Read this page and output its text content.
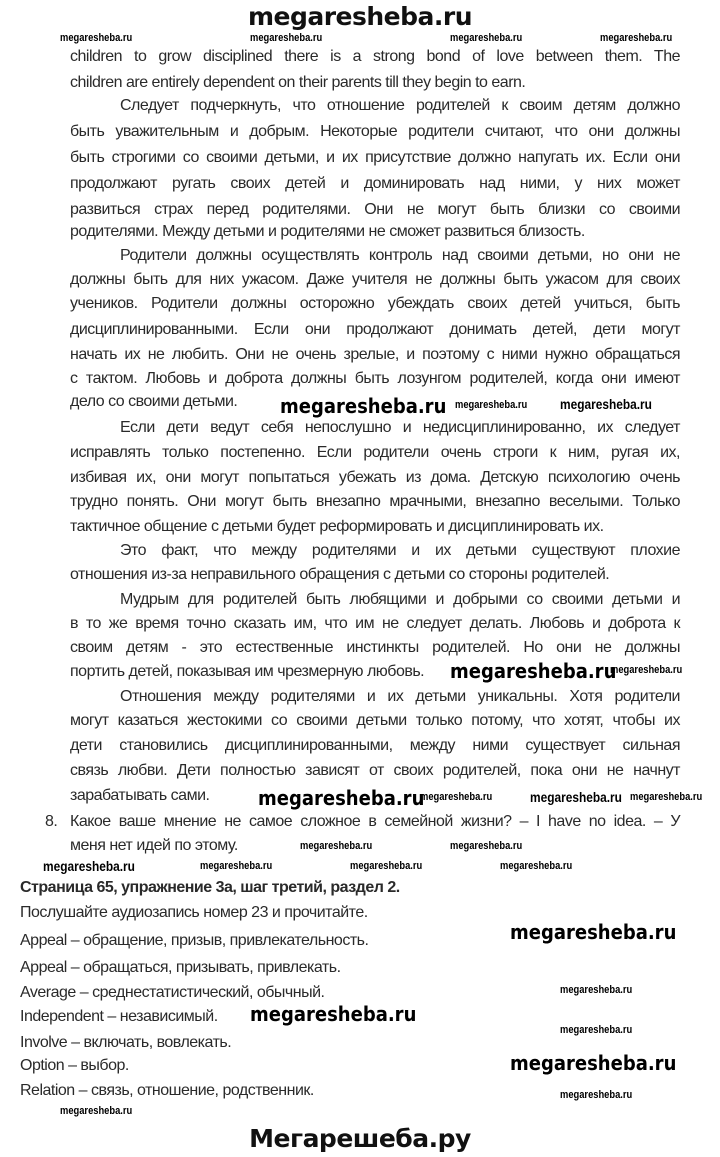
megaresheba.ru
children to grow disciplined there is a strong bond of love between them. The
children are entirely dependent on their parents till they begin to earn.
Следует подчеркнуть, что отношение родителей к своим детям должно
быть уважительным и добрым. Некоторые родители считают, что они должны
быть строгими со своими детьми, и их присутствие должно напугать их. Если они
продолжают ругать своих детей и доминировать над ними, у них может
развиться страх перед родителями. Они не могут быть близки со своими
родителями. Между детьми и родителями не сможет развиться близость.
Родители должны осуществлять контроль над своими детьми, но они не
должны быть для них ужасом. Даже учителя не должны быть ужасом для своих
учеников. Родители должны осторожно убеждать своих детей учиться, быть
дисциплинированными. Если они продолжают донимать детей, дети могут
начать их не любить. Они не очень зрелые, и поэтому с ними нужно обращаться
с тактом. Любовь и доброта должны быть лозунгом родителей, когда они имеют
дело со своими детьми.
Если дети ведут себя непослушно и недисциплинированно, их следует
исправлять только постепенно. Если родители очень строги к ним, ругая их,
избивая их, они могут попытаться убежать из дома. Детскую психологию очень
трудно понять. Они могут быть внезапно мрачными, внезапно веселыми. Только
тактичное общение с детьми будет реформировать и дисциплинировать их.
Это факт, что между родителями и их детьми существуют плохие
отношения из-за неправильного обращения с детьми со стороны родителей.
Мудрым для родителей быть любящими и добрыми со своими детьми и
в то же время точно сказать им, что им не следует делать. Любовь и доброта к
своим детям - это естественные инстинкты родителей. Но они не должны
портить детей, показывая им чрезмерную любовь.
Отношения между родителями и их детьми уникальны. Хотя родители
могут казаться жестокими со своими детьми только потому, что хотят, чтобы их
дети становились дисциплинированными, между ними существует сильная
связь любви. Дети полностью зависят от своих родителей, пока они не начнут
зарабатывать сами.
Какое ваше мнение не самое сложное в семейной жизни? – I have no idea. – У
8.
меня нет идей по этому.
Страница 65, упражнение 3а, шаг третий, раздел 2.
Послушайте аудиозапись номер 23 и прочитайте.
Appeal – обращение, призыв, привлекательность.
Appeal – обращаться, призывать, привлекать.
Average – среднестатистический, обычный.
Independent – независимый.
Involve – включать, вовлекать.
Option – выбор.
Relation – связь, отношение, родственник.
megaresheba.ru	megaresheba.ru	megaresheba.ru	megaresheba.ru
megaresheba.ru megaresheba.ru megaresheba.ru
megaresheba.ru
megaresheba.ru
megaresheba.ru
megaresheba.ru	megaresheba.ru megaresheba.ru
megaresheba.ru	megaresheba.ru
megaresheba.ru	megaresheba.ru	megaresheba.ru	megaresheba.ru
megaresheba.ru
megaresheba.ru
megaresheba.ru
megaresheba.ru
megaresheba.ru
megaresheba.ru
megaresheba.ru
Мегарешеба.ру
